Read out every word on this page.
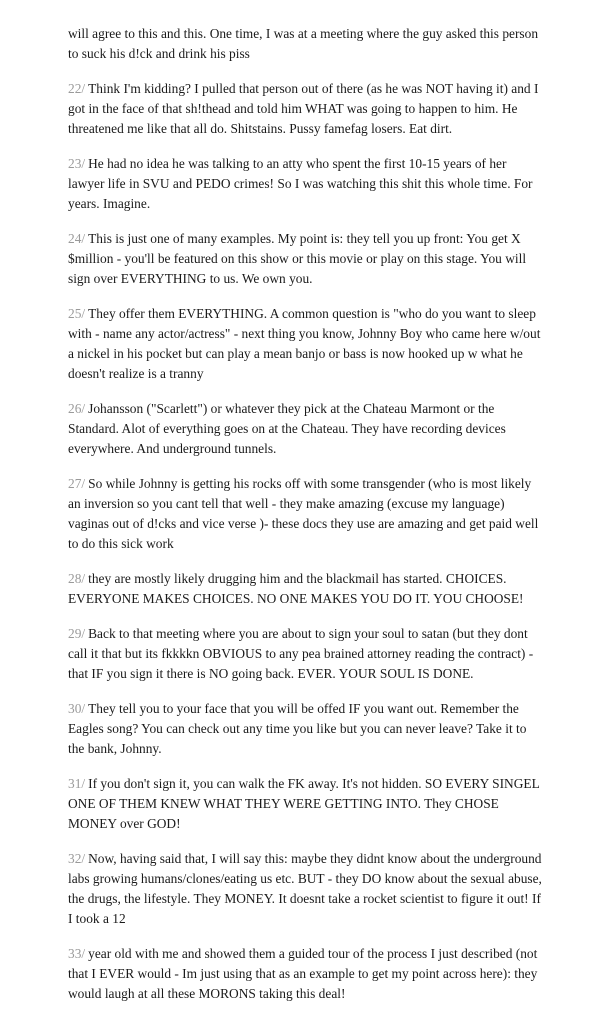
will agree to this and this. One time, I was at a meeting where the guy asked this person to suck his d!ck and drink his piss

22/ Think I'm kidding? I pulled that person out of there (as he was NOT having it) and I got in the face of that sh!thead and told him WHAT was going to happen to him. He threatened me like that all do. Shitstains. Pussy famefag losers. Eat dirt.

23/ He had no idea he was talking to an atty who spent the first 10-15 years of her lawyer life in SVU and PEDO crimes! So I was watching this shit this whole time. For years. Imagine.

24/ This is just one of many examples. My point is: they tell you up front: You get X $million - you'll be featured on this show or this movie or play on this stage. You will sign over EVERYTHING to us. We own you.

25/ They offer them EVERYTHING. A common question is "who do you want to sleep with - name any actor/actress" - next thing you know, Johnny Boy who came here w/out a nickel in his pocket but can play a mean banjo or bass is now hooked up w what he doesn't realize is a tranny

26/ Johansson ("Scarlett") or whatever they pick at the Chateau Marmont or the Standard. Alot of everything goes on at the Chateau. They have recording devices everywhere. And underground tunnels.

27/ So while Johnny is getting his rocks off with some transgender (who is most likely an inversion so you cant tell that well - they make amazing (excuse my language) vaginas out of d!cks and vice verse )- these docs they use are amazing and get paid well to do this sick work

28/ they are mostly likely drugging him and the blackmail has started. CHOICES. EVERYONE MAKES CHOICES. NO ONE MAKES YOU DO IT. YOU CHOOSE!

29/ Back to that meeting where you are about to sign your soul to satan (but they dont call it that but its fkkkkn OBVIOUS to any pea brained attorney reading the contract) - that IF you sign it there is NO going back. EVER. YOUR SOUL IS DONE.

30/ They tell you to your face that you will be offed IF you want out. Remember the Eagles song? You can check out any time you like but you can never leave? Take it to the bank, Johnny.

31/ If you don't sign it, you can walk the FK away. It's not hidden. SO EVERY SINGEL ONE OF THEM KNEW WHAT THEY WERE GETTING INTO. They CHOSE MONEY over GOD!

32/ Now, having said that, I will say this: maybe they didnt know about the underground labs growing humans/clones/eating us etc. BUT - they DO know about the sexual abuse, the drugs, the lifestyle. They MONEY. It doesnt take a rocket scientist to figure it out! If I took a 12

33/ year old with me and showed them a guided tour of the process I just described (not that I EVER would - Im just using that as an example to get my point across here): they would laugh at all these MORONS taking this deal!
